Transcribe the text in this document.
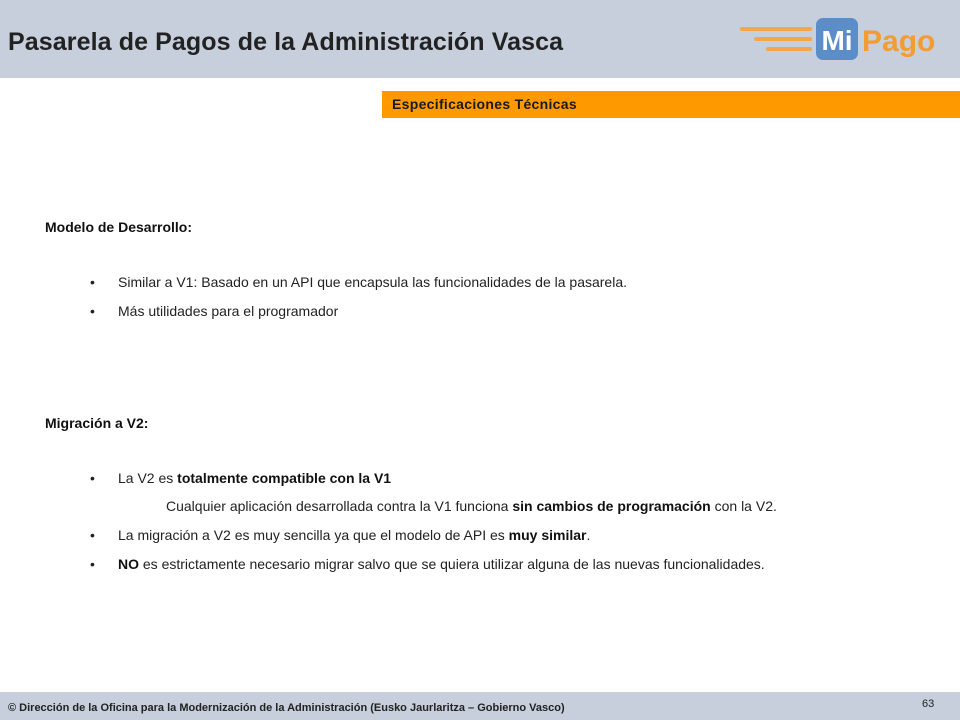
Pasarela de Pagos de la Administración Vasca	Mi Pago
Especificaciones Técnicas
Modelo de Desarrollo:
• Similar a V1: Basado en un API que encapsula las funcionalidades de la pasarela.
• Más utilidades para el programador
Migración a V2:
• La V2 es totalmente compatible con la V1
Cualquier aplicación desarrollada contra la V1 funciona sin cambios de programación con la V2.
• La migración a V2 es muy sencilla ya que el modelo de API es muy similar.
• NO es estrictamente necesario migrar salvo que se quiera utilizar alguna de las nuevas funcionalidades.
© Dirección de la Oficina para la Modernización de la Administración (Eusko Jaurlaritza – Gobierno Vasco)	63
